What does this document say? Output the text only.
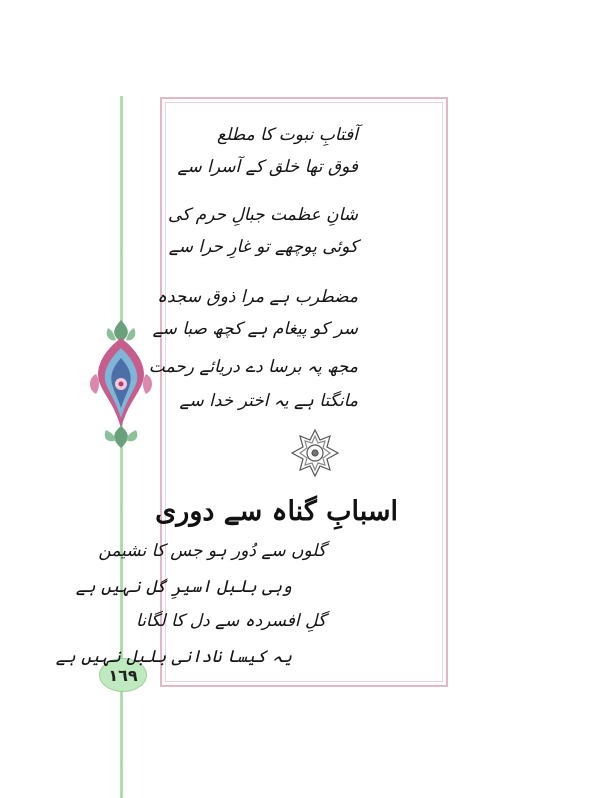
١٦٩
آفتابِ نبوت کا مطلع
فوق تھا خلق کے آسرا سے
شانِ عظمت جبالِ حرم کی
کوئی پوچھے تو غارِ حرا سے
مضطرب ہے مرا ذوق سجدہ
سر کو پیغام ہے کچھ صبا سے
مجھ پہ برسا دے دریائے رحمت
مانگتا ہے یہ اختر خدا سے
گلوں سے دُور ہو جس کا نشیمن
وہی بلبل اسیرِ گل نہیں ہے
گلِ افسردہ سے دل کا لگانا
یہ کیسا نادانی بلبل نہیں ہے
اسبابِ گناہ سے دوری
